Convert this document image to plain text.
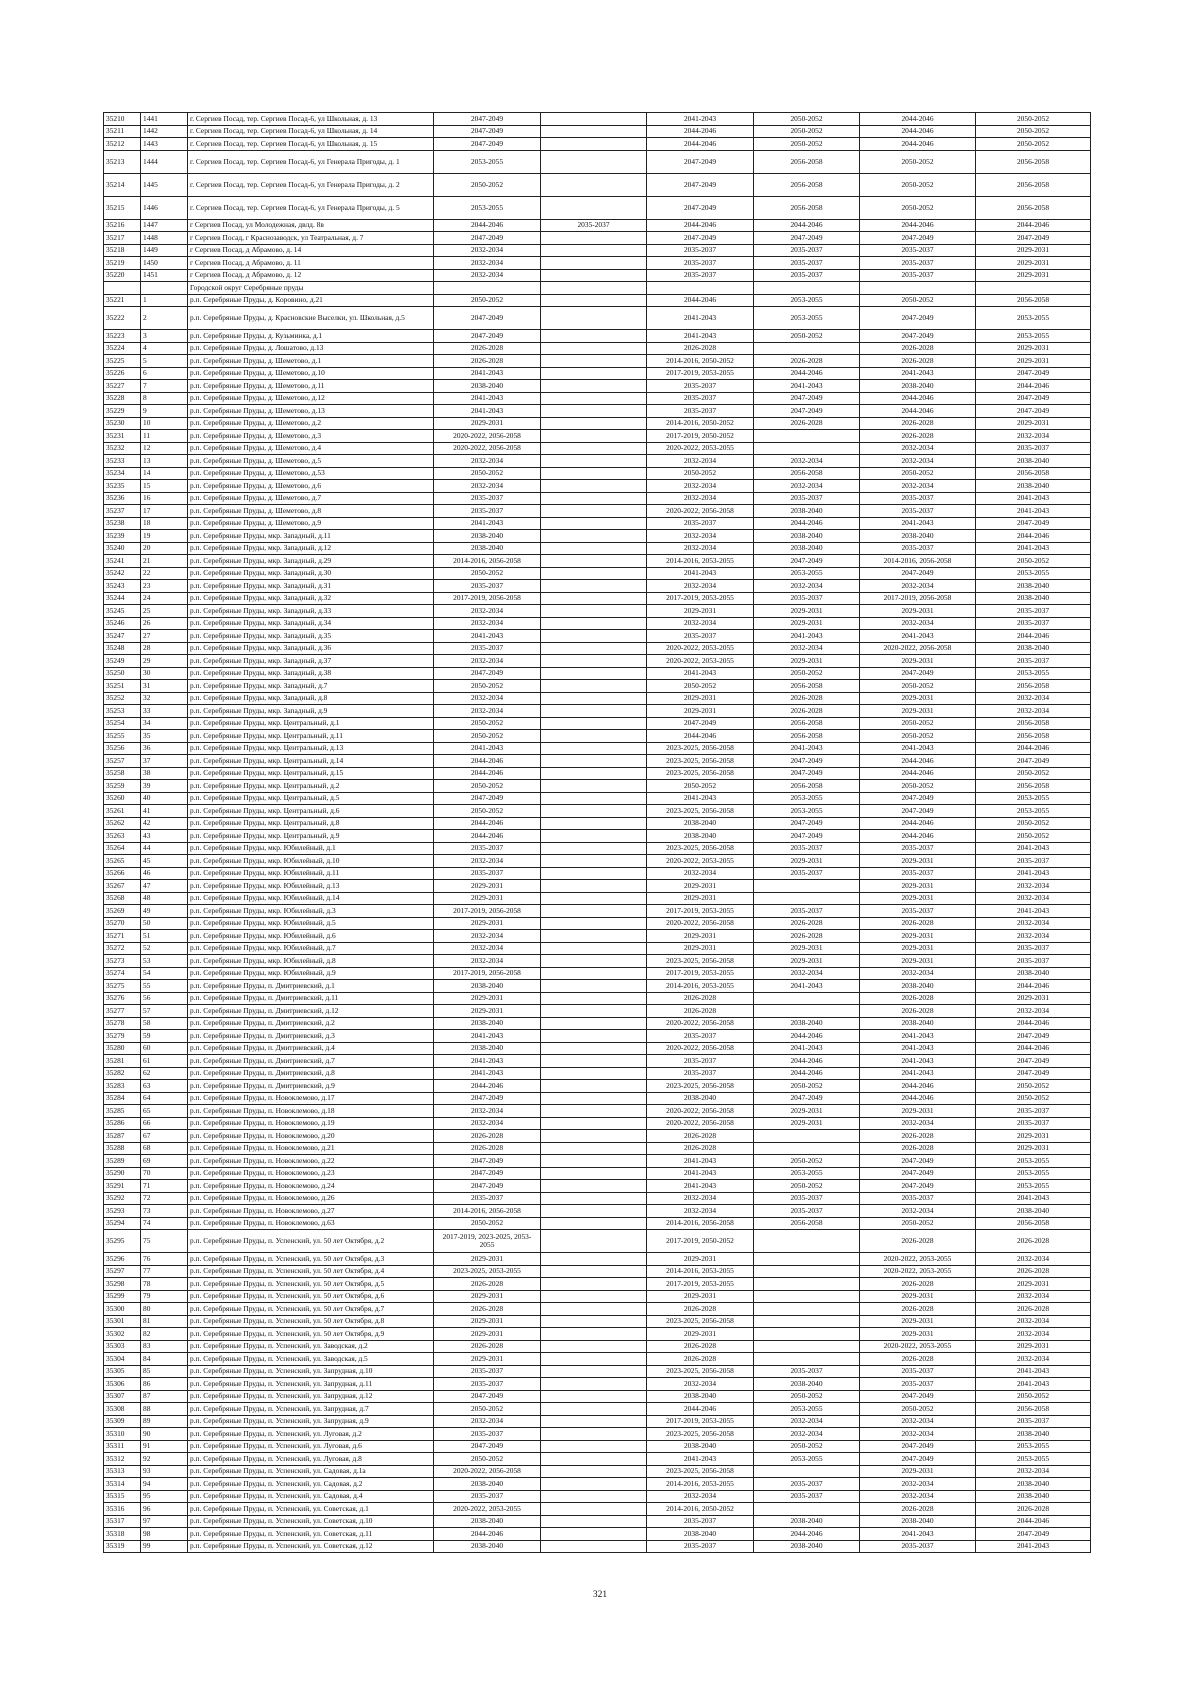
35210	1441	г. Сергиев Посад, тер. Сергиев Посад-6, ул Школьная, д. 13	2047-2049		2041-2043	2050-2052	2044-2046	2050-2052
35211	1442	г. Сергиев Посад, тер. Сергиев Посад-6, ул Школьная, д. 14	2047-2049		2044-2046	2050-2052	2044-2046	2050-2052
35212	1443	г. Сергиев Посад, тер. Сергиев Посад-6, ул Школьная, д. 15	2047-2049		2044-2046	2050-2052	2044-2046	2050-2052
35213	1444	г. Сергиев Посад, тер. Сергиев Посад-6, ул Генерала Пригоды, д. 1	2053-2055		2047-2049	2056-2058	2050-2052	2056-2058
35214	1445	г. Сергиев Посад, тер. Сергиев Посад-6, ул Генерала Пригоды, д. 2	2050-2052		2047-2049	2056-2058	2050-2052	2056-2058
35215	1446	г. Сергиев Посад, тер. Сергиев Посад-6, ул Генерала Пригоды, д. 5	2053-2055		2047-2049	2056-2058	2050-2052	2056-2058
35216	1447	г Сергиев Посад, ул Молодежная, двлд. 8в	2044-2046	2035-2037	2044-2046	2044-2046	2044-2046	2044-2046
35217	1448	г Сергиев Посад, г Краснозаводск, ул Театральная, д. 7	2047-2049		2047-2049	2047-2049	2047-2049	2047-2049
35218	1449	г Сергиев Посад, д Абрамово, д. 14	2032-2034		2035-2037	2035-2037	2035-2037	2029-2031
35219	1450	г Сергиев Посад, д Абрамово, д. 11	2032-2034		2035-2037	2035-2037	2035-2037	2029-2031
35220	1451	г Сергиев Посад, д Абрамово, д. 12	2032-2034		2035-2037	2035-2037	2035-2037	2029-2031
		Городской округ Серебряные пруды						
35221	1	р.п. Серебряные Пруды, д. Коровино, д.21	2050-2052		2044-2046	2053-2055	2050-2052	2056-2058
35222	2	р.п. Серебряные Пруды, д. Красновские Выселки, ул. Школьная, д.5	2047-2049		2041-2043	2053-2055	2047-2049	2053-2055
35223	3	р.п. Серебряные Пруды, д. Кузьминка, д.1	2047-2049		2041-2043	2050-2052	2047-2049	2053-2055
35224	4	р.п. Серебряные Пруды, д. Лошатово, д.13	2026-2028		2026-2028		2026-2028	2029-2031
35225	5	р.п. Серебряные Пруды, д. Шеметово, д.1	2026-2028		2014-2016, 2050-2052	2026-2028	2026-2028	2029-2031
35226	6	р.п. Серебряные Пруды, д. Шеметово, д.10	2041-2043		2017-2019, 2053-2055	2044-2046	2041-2043	2047-2049
35227	7	р.п. Серебряные Пруды, д. Шеметово, д.11	2038-2040		2035-2037	2041-2043	2038-2040	2044-2046
35228	8	р.п. Серебряные Пруды, д. Шеметово, д.12	2041-2043		2035-2037	2047-2049	2044-2046	2047-2049
35229	9	р.п. Серебряные Пруды, д. Шеметово, д.13	2041-2043		2035-2037	2047-2049	2044-2046	2047-2049
35230	10	р.п. Серебряные Пруды, д. Шеметово, д.2	2029-2031		2014-2016, 2050-2052	2026-2028	2026-2028	2029-2031
35231	11	р.п. Серебряные Пруды, д. Шеметово, д.3	2020-2022, 2056-2058		2017-2019, 2050-2052		2026-2028	2032-2034
35232	12	р.п. Серебряные Пруды, д. Шеметово, д.4	2020-2022, 2056-2058		2020-2022, 2053-2055		2032-2034	2035-2037
35233	13	р.п. Серебряные Пруды, д. Шеметово, д.5	2032-2034		2032-2034	2032-2034	2032-2034	2038-2040
35234	14	р.п. Серебряные Пруды, д. Шеметово, д.53	2050-2052		2050-2052	2056-2058	2050-2052	2056-2058
35235	15	р.п. Серебряные Пруды, д. Шеметово, д.6	2032-2034		2032-2034	2032-2034	2032-2034	2038-2040
35236	16	р.п. Серебряные Пруды, д. Шеметово, д.7	2035-2037		2032-2034	2035-2037	2035-2037	2041-2043
35237	17	р.п. Серебряные Пруды, д. Шеметово, д.8	2035-2037		2020-2022, 2056-2058	2038-2040	2035-2037	2041-2043
35238	18	р.п. Серебряные Пруды, д. Шеметово, д.9	2041-2043		2035-2037	2044-2046	2041-2043	2047-2049
35239	19	р.п. Серебряные Пруды, мкр. Западный, д.11	2038-2040		2032-2034	2038-2040	2038-2040	2044-2046
35240	20	р.п. Серебряные Пруды, мкр. Западный, д.12	2038-2040		2032-2034	2038-2040	2035-2037	2041-2043
35241	21	р.п. Серебряные Пруды, мкр. Западный, д.29	2014-2016, 2056-2058		2014-2016, 2053-2055	2047-2049	2014-2016, 2056-2058	2050-2052
35242	22	р.п. Серебряные Пруды, мкр. Западный, д.30	2050-2052		2041-2043	2053-2055	2047-2049	2053-2055
35243	23	р.п. Серебряные Пруды, мкр. Западный, д.31	2035-2037		2032-2034	2032-2034	2032-2034	2038-2040
35244	24	р.п. Серебряные Пруды, мкр. Западный, д.32	2017-2019, 2056-2058		2017-2019, 2053-2055	2035-2037	2017-2019, 2056-2058	2038-2040
35245	25	р.п. Серебряные Пруды, мкр. Западный, д.33	2032-2034		2029-2031	2029-2031	2029-2031	2035-2037
35246	26	р.п. Серебряные Пруды, мкр. Западный, д.34	2032-2034		2032-2034	2029-2031	2032-2034	2035-2037
35247	27	р.п. Серебряные Пруды, мкр. Западный, д.35	2041-2043		2035-2037	2041-2043	2041-2043	2044-2046
35248	28	р.п. Серебряные Пруды, мкр. Западный, д.36	2035-2037		2020-2022, 2053-2055	2032-2034	2020-2022, 2056-2058	2038-2040
35249	29	р.п. Серебряные Пруды, мкр. Западный, д.37	2032-2034		2020-2022, 2053-2055	2029-2031	2029-2031	2035-2037
35250	30	р.п. Серебряные Пруды, мкр. Западный, д.38	2047-2049		2041-2043	2050-2052	2047-2049	2053-2055
35251	31	р.п. Серебряные Пруды, мкр. Западный, д.7	2050-2052		2050-2052	2056-2058	2050-2052	2056-2058
35252	32	р.п. Серебряные Пруды, мкр. Западный, д.8	2032-2034		2029-2031	2026-2028	2029-2031	2032-2034
35253	33	р.п. Серебряные Пруды, мкр. Западный, д.9	2032-2034		2029-2031	2026-2028	2029-2031	2032-2034
35254	34	р.п. Серебряные Пруды, мкр. Центральный, д.1	2050-2052		2047-2049	2056-2058	2050-2052	2056-2058
35255	35	р.п. Серебряные Пруды, мкр. Центральный, д.11	2050-2052		2044-2046	2056-2058	2050-2052	2056-2058
35256	36	р.п. Серебряные Пруды, мкр. Центральный, д.13	2041-2043		2023-2025, 2056-2058	2041-2043	2041-2043	2044-2046
35257	37	р.п. Серебряные Пруды, мкр. Центральный, д.14	2044-2046		2023-2025, 2056-2058	2047-2049	2044-2046	2047-2049
35258	38	р.п. Серебряные Пруды, мкр. Центральный, д.15	2044-2046		2023-2025, 2056-2058	2047-2049	2044-2046	2050-2052
35259	39	р.п. Серебряные Пруды, мкр. Центральный, д.2	2050-2052		2050-2052	2056-2058	2050-2052	2056-2058
35260	40	р.п. Серебряные Пруды, мкр. Центральный, д.5	2047-2049		2041-2043	2053-2055	2047-2049	2053-2055
35261	41	р.п. Серебряные Пруды, мкр. Центральный, д.6	2050-2052		2023-2025, 2056-2058	2053-2055	2047-2049	2053-2055
35262	42	р.п. Серебряные Пруды, мкр. Центральный, д.8	2044-2046		2038-2040	2047-2049	2044-2046	2050-2052
35263	43	р.п. Серебряные Пруды, мкр. Центральный, д.9	2044-2046		2038-2040	2047-2049	2044-2046	2050-2052
35264	44	р.п. Серебряные Пруды, мкр. Юбилейный, д.1	2035-2037		2023-2025, 2056-2058	2035-2037	2035-2037	2041-2043
35265	45	р.п. Серебряные Пруды, мкр. Юбилейный, д.10	2032-2034		2020-2022, 2053-2055	2029-2031	2029-2031	2035-2037
35266	46	р.п. Серебряные Пруды, мкр. Юбилейный, д.11	2035-2037		2032-2034	2035-2037	2035-2037	2041-2043
35267	47	р.п. Серебряные Пруды, мкр. Юбилейный, д.13	2029-2031		2029-2031		2029-2031	2032-2034
35268	48	р.п. Серебряные Пруды, мкр. Юбилейный, д.14	2029-2031		2029-2031		2029-2031	2032-2034
35269	49	р.п. Серебряные Пруды, мкр. Юбилейный, д.3	2017-2019, 2056-2058		2017-2019, 2053-2055	2035-2037	2035-2037	2041-2043
35270	50	р.п. Серебряные Пруды, мкр. Юбилейный, д.5	2029-2031		2020-2022, 2056-2058	2026-2028	2026-2028	2032-2034
35271	51	р.п. Серебряные Пруды, мкр. Юбилейный, д.6	2032-2034		2029-2031	2026-2028	2029-2031	2032-2034
35272	52	р.п. Серебряные Пруды, мкр. Юбилейный, д.7	2032-2034		2029-2031	2029-2031	2029-2031	2035-2037
35273	53	р.п. Серебряные Пруды, мкр. Юбилейный, д.8	2032-2034		2023-2025, 2056-2058	2029-2031	2029-2031	2035-2037
35274	54	р.п. Серебряные Пруды, мкр. Юбилейный, д.9	2017-2019, 2056-2058		2017-2019, 2053-2055	2032-2034	2032-2034	2038-2040
35275	55	р.п. Серебряные Пруды, п. Дмитриевский, д.1	2038-2040		2014-2016, 2053-2055	2041-2043	2038-2040	2044-2046
35276	56	р.п. Серебряные Пруды, п. Дмитриевский, д.11	2029-2031		2026-2028		2026-2028	2029-2031
35277	57	р.п. Серебряные Пруды, п. Дмитриевский, д.12	2029-2031		2026-2028		2026-2028	2032-2034
35278	58	р.п. Серебряные Пруды, п. Дмитриевский, д.2	2038-2040		2020-2022, 2056-2058	2038-2040	2038-2040	2044-2046
35279	59	р.п. Серебряные Пруды, п. Дмитриевский, д.3	2041-2043		2035-2037	2044-2046	2041-2043	2047-2049
35280	60	р.п. Серебряные Пруды, п. Дмитриевский, д.4	2038-2040		2020-2022, 2056-2058	2041-2043	2041-2043	2044-2046
35281	61	р.п. Серебряные Пруды, п. Дмитриевский, д.7	2041-2043		2035-2037	2044-2046	2041-2043	2047-2049
35282	62	р.п. Серебряные Пруды, п. Дмитриевский, д.8	2041-2043		2035-2037	2044-2046	2041-2043	2047-2049
35283	63	р.п. Серебряные Пруды, п. Дмитриевский, д.9	2044-2046		2023-2025, 2056-2058	2050-2052	2044-2046	2050-2052
35284	64	р.п. Серебряные Пруды, п. Новоклемово, д.17	2047-2049		2038-2040	2047-2049	2044-2046	2050-2052
35285	65	р.п. Серебряные Пруды, п. Новоклемово, д.18	2032-2034		2020-2022, 2056-2058	2029-2031	2029-2031	2035-2037
35286	66	р.п. Серебряные Пруды, п. Новоклемово, д.19	2032-2034		2020-2022, 2056-2058	2029-2031	2032-2034	2035-2037
35287	67	р.п. Серебряные Пруды, п. Новоклемово, д.20	2026-2028		2026-2028		2026-2028	2029-2031
35288	68	р.п. Серебряные Пруды, п. Новоклемово, д.21	2026-2028		2026-2028		2026-2028	2029-2031
35289	69	р.п. Серебряные Пруды, п. Новоклемово, д.22	2047-2049		2041-2043	2050-2052	2047-2049	2053-2055
35290	70	р.п. Серебряные Пруды, п. Новоклемово, д.23	2047-2049		2041-2043	2053-2055	2047-2049	2053-2055
35291	71	р.п. Серебряные Пруды, п. Новоклемово, д.24	2047-2049		2041-2043	2050-2052	2047-2049	2053-2055
35292	72	р.п. Серебряные Пруды, п. Новоклемово, д.26	2035-2037		2032-2034	2035-2037	2035-2037	2041-2043
35293	73	р.п. Серебряные Пруды, п. Новоклемово, д.27	2014-2016, 2056-2058		2032-2034	2035-2037	2032-2034	2038-2040
35294	74	р.п. Серебряные Пруды, п. Новоклемово, д.63	2050-2052		2014-2016, 2056-2058	2056-2058	2050-2052	2056-2058
35295	75	р.п. Серебряные Пруды, п. Успенский, ул. 50 лет Октября, д.2	2017-2019, 2023-2025, 2053-2055		2017-2019, 2050-2052		2026-2028	2026-2028
35296	76	р.п. Серебряные Пруды, п. Успенский, ул. 50 лет Октября, д.3	2029-2031		2029-2031		2020-2022, 2053-2055	2032-2034
35297	77	р.п. Серебряные Пруды, п. Успенский, ул. 50 лет Октября, д.4	2023-2025, 2053-2055		2014-2016, 2053-2055		2020-2022, 2053-2055	2026-2028
35298	78	р.п. Серебряные Пруды, п. Успенский, ул. 50 лет Октября, д.5	2026-2028		2017-2019, 2053-2055		2026-2028	2029-2031
35299	79	р.п. Серебряные Пруды, п. Успенский, ул. 50 лет Октября, д.6	2029-2031		2029-2031		2029-2031	2032-2034
35300	80	р.п. Серебряные Пруды, п. Успенский, ул. 50 лет Октября, д.7	2026-2028		2026-2028		2026-2028	2026-2028
35301	81	р.п. Серебряные Пруды, п. Успенский, ул. 50 лет Октября, д.8	2029-2031		2023-2025, 2056-2058		2029-2031	2032-2034
35302	82	р.п. Серебряные Пруды, п. Успенский, ул. 50 лет Октября, д.9	2029-2031		2029-2031		2029-2031	2032-2034
35303	83	р.п. Серебряные Пруды, п. Успенский, ул. Заводская, д.2	2026-2028		2026-2028		2020-2022, 2053-2055	2029-2031
35304	84	р.п. Серебряные Пруды, п. Успенский, ул. Заводская, д.5	2029-2031		2026-2028		2026-2028	2032-2034
35305	85	р.п. Серебряные Пруды, п. Успенский, ул. Запрудная, д.10	2035-2037		2023-2025, 2056-2058	2035-2037	2035-2037	2041-2043
35306	86	р.п. Серебряные Пруды, п. Успенский, ул. Запрудная, д.11	2035-2037		2032-2034	2038-2040	2035-2037	2041-2043
35307	87	р.п. Серебряные Пруды, п. Успенский, ул. Запрудная, д.12	2047-2049		2038-2040	2050-2052	2047-2049	2050-2052
35308	88	р.п. Серебряные Пруды, п. Успенский, ул. Запрудная, д.7	2050-2052		2044-2046	2053-2055	2050-2052	2056-2058
35309	89	р.п. Серебряные Пруды, п. Успенский, ул. Запрудная, д.9	2032-2034		2017-2019, 2053-2055	2032-2034	2032-2034	2035-2037
35310	90	р.п. Серебряные Пруды, п. Успенский, ул. Луговая, д.2	2035-2037		2023-2025, 2056-2058	2032-2034	2032-2034	2038-2040
35311	91	р.п. Серебряные Пруды, п. Успенский, ул. Луговая, д.6	2047-2049		2038-2040	2050-2052	2047-2049	2053-2055
35312	92	р.п. Серебряные Пруды, п. Успенский, ул. Луговая, д.8	2050-2052		2041-2043	2053-2055	2047-2049	2053-2055
35313	93	р.п. Серебряные Пруды, п. Успенский, ул. Садовая, д.1а	2020-2022, 2056-2058		2023-2025, 2056-2058		2029-2031	2032-2034
35314	94	р.п. Серебряные Пруды, п. Успенский, ул. Садовая, д.2	2038-2040		2014-2016, 2053-2055	2035-2037	2032-2034	2038-2040
35315	95	р.п. Серебряные Пруды, п. Успенский, ул. Садовая, д.4	2035-2037		2032-2034	2035-2037	2032-2034	2038-2040
35316	96	р.п. Серебряные Пруды, п. Успенский, ул. Советская, д.1	2020-2022, 2053-2055		2014-2016, 2050-2052		2026-2028	2026-2028
35317	97	р.п. Серебряные Пруды, п. Успенский, ул. Советская, д.10	2038-2040		2035-2037	2038-2040	2038-2040	2044-2046
35318	98	р.п. Серебряные Пруды, п. Успенский, ул. Советская, д.11	2044-2046		2038-2040	2044-2046	2041-2043	2047-2049
35319	99	р.п. Серебряные Пруды, п. Успенский, ул. Советская, д.12	2038-2040		2035-2037	2038-2040	2035-2037	2041-2043
321
